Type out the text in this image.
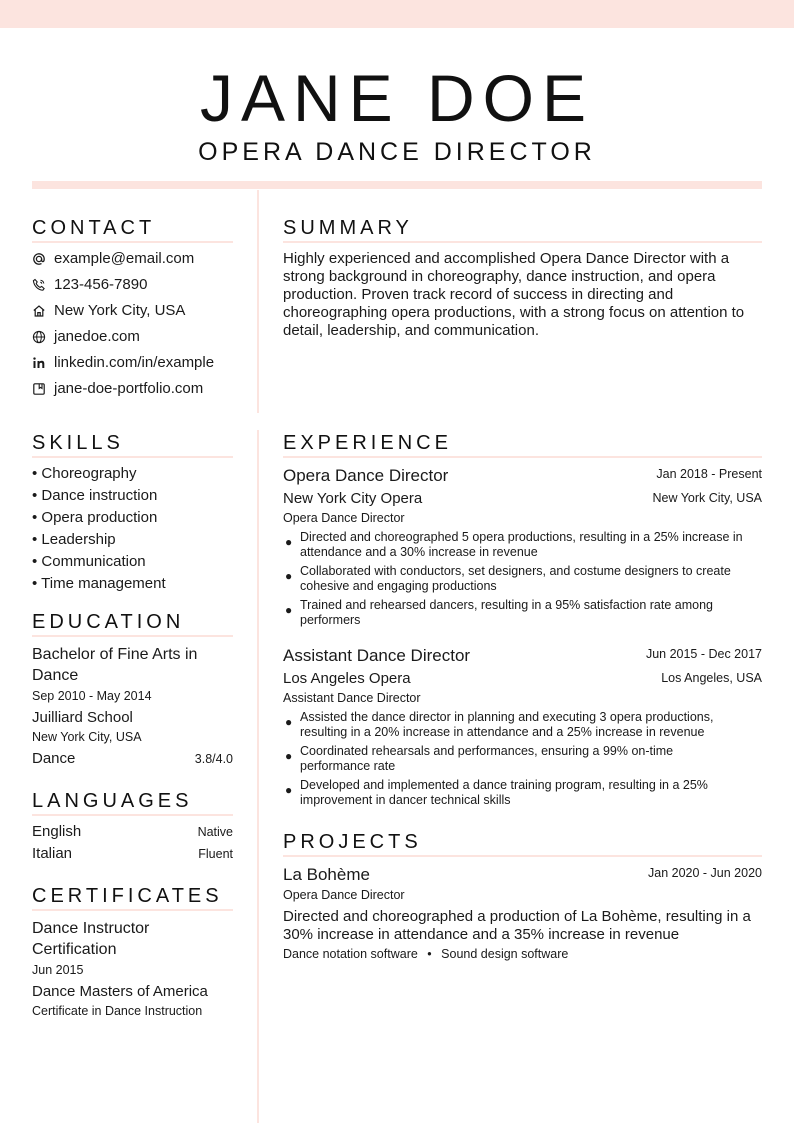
JANE DOE
OPERA DANCE DIRECTOR
CONTACT
example@email.com
123-456-7890
New York City, USA
janedoe.com
linkedin.com/in/example
jane-doe-portfolio.com
SUMMARY
Highly experienced and accomplished Opera Dance Director with a
strong background in choreography, dance instruction, and opera
production. Proven track record of success in directing and
choreographing opera productions, with a strong focus on attention to
detail, leadership, and communication.
SKILLS
• Choreography
• Dance instruction
• Opera production
• Leadership
• Communication
• Time management
EDUCATION
Bachelor of Fine Arts in
Dance
Sep 2010 - May 2014
Juilliard School
New York City, USA
Dance	3.8/4.0
LANGUAGES
English	Native
Italian	Fluent
CERTIFICATES
Dance Instructor
Certification
Jun 2015
Dance Masters of America
Certificate in Dance Instruction
EXPERIENCE
Opera Dance Director	Jan 2018 - Present
New York City Opera	New York City, USA
Opera Dance Director
● Directed and choreographed 5 opera productions, resulting in a 25% increase in
attendance and a 30% increase in revenue
● Collaborated with conductors, set designers, and costume designers to create
cohesive and engaging productions
● Trained and rehearsed dancers, resulting in a 95% satisfaction rate among
performers
Assistant Dance Director	Jun 2015 - Dec 2017
Los Angeles Opera	Los Angeles, USA
Assistant Dance Director
● Assisted the dance director in planning and executing 3 opera productions,
resulting in a 20% increase in attendance and a 25% increase in revenue
● Coordinated rehearsals and performances, ensuring a 99% on-time
performance rate
● Developed and implemented a dance training program, resulting in a 25%
improvement in dancer technical skills
PROJECTS
La Bohème	Jan 2020 - Jun 2020
Opera Dance Director
Directed and choreographed a production of La Bohème, resulting in a
30% increase in attendance and a 35% increase in revenue
Dance notation software • Sound design software
